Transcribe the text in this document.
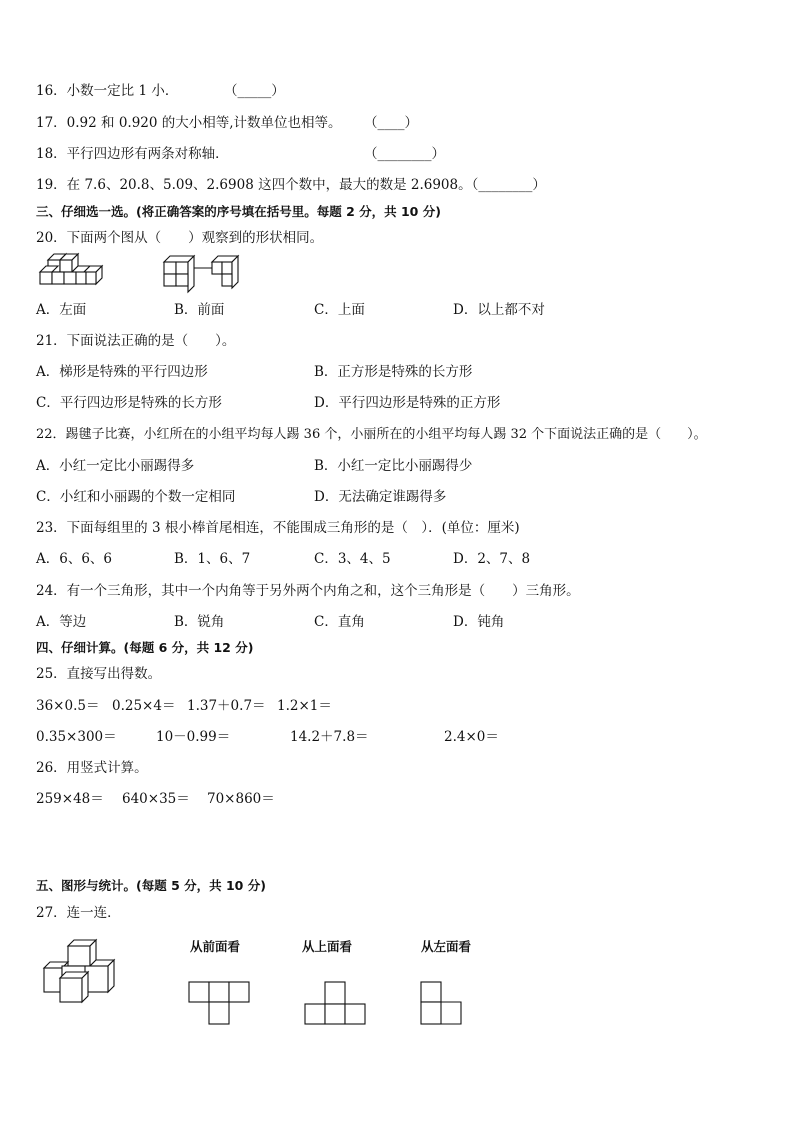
16．小数一定比 1 小．	（_____）
17．0.92 和 0.920 的大小相等,计数单位也相等。 （____）
18．平行四边形有两条对称轴．	（________）
19．在 7.6、20.8、5.09、2.6908 这四个数中，最大的数是 2.6908。（________）
三、仔细选一选。(将正确答案的序号填在括号里。每题 2 分，共 10 分)
20．下面两个图从（　　）观察到的形状相同。
A．左面	B．前面	C．上面	D．以上都不对
21．下面说法正确的是（　　）。
A．梯形是特殊的平行四边形	B．正方形是特殊的长方形
C．平行四边形是特殊的长方形	D．平行四边形是特殊的正方形
22．踢毽子比赛，小红所在的小组平均每人踢 36 个，小丽所在的小组平均每人踢 32 个下面说法正确的是（　　）。
A．小红一定比小丽踢得多	B．小红一定比小丽踢得少
C．小红和小丽踢的个数一定相同	D．无法确定谁踢得多
23．下面每组里的 3 根小棒首尾相连，不能围成三角形的是（　）．(单位：厘米)
A．6、6、6	B．1、6、7	C．3、4、5	D．2、7、8
24．有一个三角形，其中一个内角等于另外两个内角之和，这个三角形是（　　）三角形。
A．等边	B．锐角	C．直角	D．钝角
四、仔细计算。(每题 6 分，共 12 分)
25．直接写出得数。
36×0.5＝ 0.25×4＝ 1.37＋0.7＝ 1.2×1＝
0.35×300＝	10－0.99＝	14.2＋7.8＝	2.4×0＝
26．用竖式计算。
259×48＝ 640×35＝ 70×860＝
五、图形与统计。(每题 5 分，共 10 分)
27．连一连．
从前面看	从上面看	从左面看
